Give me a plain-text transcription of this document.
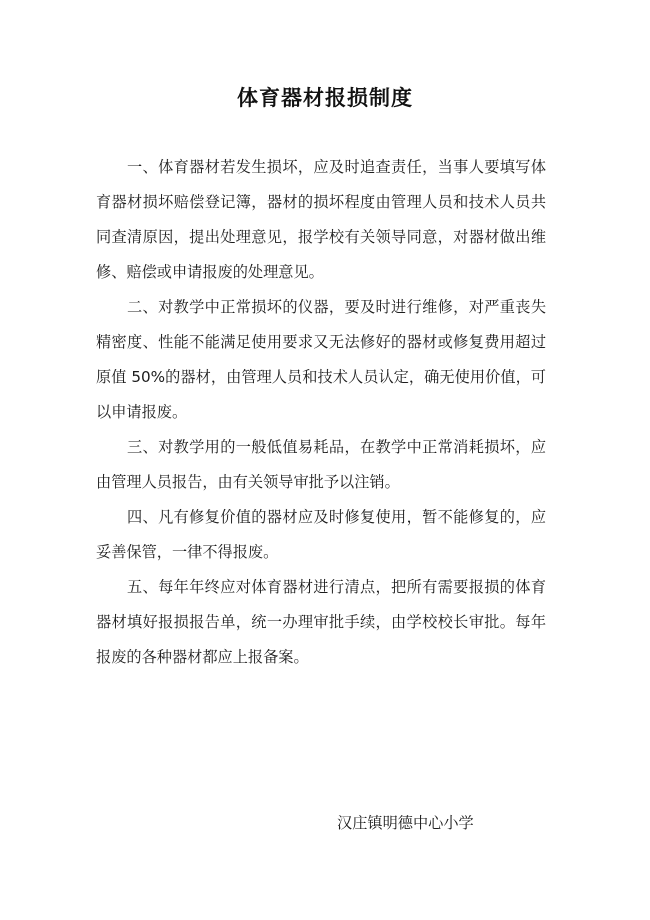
体育器材报损制度

一、体育器材若发生损坏，应及时追查责任，当事人要填写体育器材损坏赔偿登记簿，器材的损坏程度由管理人员和技术人员共同查清原因，提出处理意见，报学校有关领导同意，对器材做出维修、赔偿或申请报废的处理意见。

二、对教学中正常损坏的仪器，要及时进行维修，对严重丧失精密度、性能不能满足使用要求又无法修好的器材或修复费用超过原值 50%的器材，由管理人员和技术人员认定，确无使用价值，可以申请报废。

三、对教学用的一般低值易耗品，在教学中正常消耗损坏，应由管理人员报告，由有关领导审批予以注销。

四、凡有修复价值的器材应及时修复使用，暂不能修复的，应妥善保管，一律不得报废。

五、每年年终应对体育器材进行清点，把所有需要报损的体育器材填好报损报告单，统一办理审批手续，由学校校长审批。每年报废的各种器材都应上报备案。

汉庄镇明德中心小学
